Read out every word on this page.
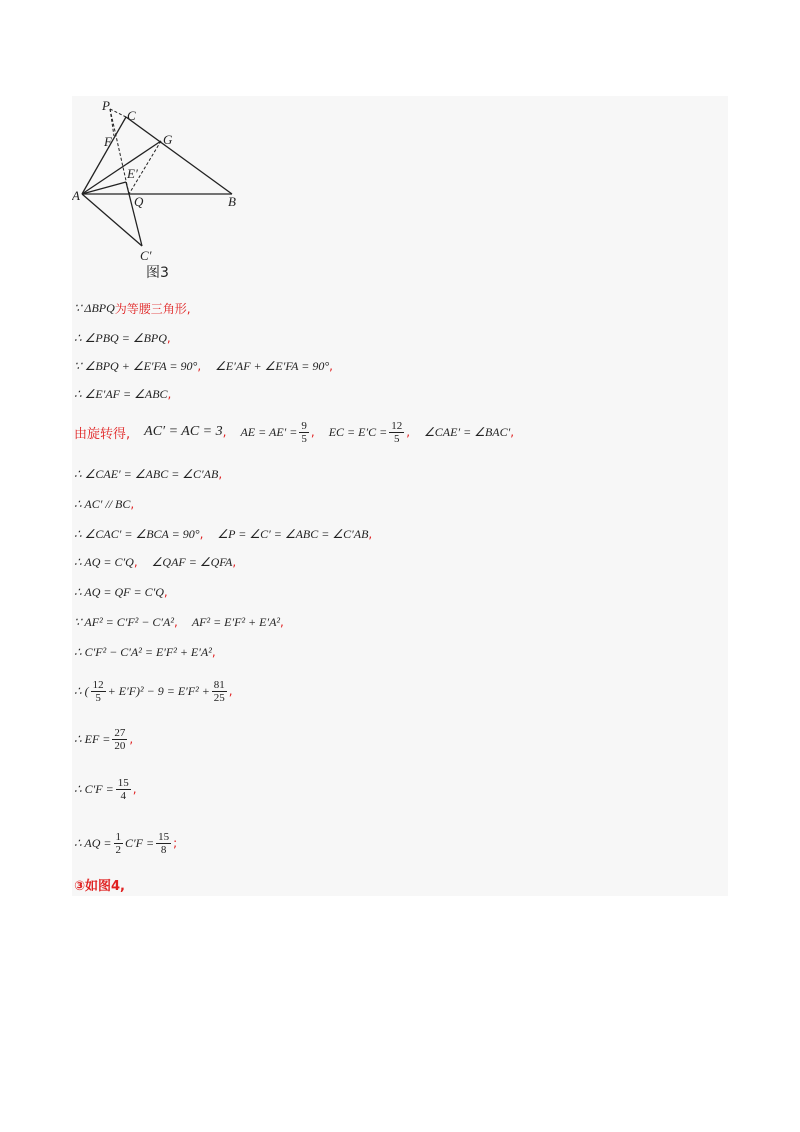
P
C
F	G
E′
A	Q	B
C′
图3
∵ ΔBPQ 为等腰三角形,
∴ ∠PBQ = ∠BPQ ,
∵ ∠BPQ + ∠E′FA = 90° , ∠E′AF + ∠E′FA = 90° ,
∴ ∠E′AF = ∠ABC ,
由旋转得, AC′ = AC = 3 , AE = $AE' = \frac{9}{5}$ , EC = $E'C = \frac{12}{5}$ , ∠CAE′ = ∠BAC′ ,
∴ ∠CAE′ = ∠ABC = ∠C′AB ,
∴ AC′ // BC ,
∴ ∠CAC′ = ∠BCA = 90° , ∠P = ∠C′ = ∠ABC = ∠C′AB ,
∴ AQ = C′Q , ∠QAF = ∠QFA ,
∴ AQ = QF = C′Q ,
∵ AF² = C′F² − C′A² , AF² = E′F² + E′A² ,
∴ C′F² − C′A² = E′F² + E′A² ,
∴ ( $\frac{12}{5} + E'F)^2 - 9 = E'F^2 + \frac{81}{25}$ ,
∴ EF = $\frac{27}{20}$ ,
∴ $C'F = \frac{15}{4}$ ,
∴ AQ = $\frac{1}{2} C'F = \frac{15}{8}$ ;
③如图4,
